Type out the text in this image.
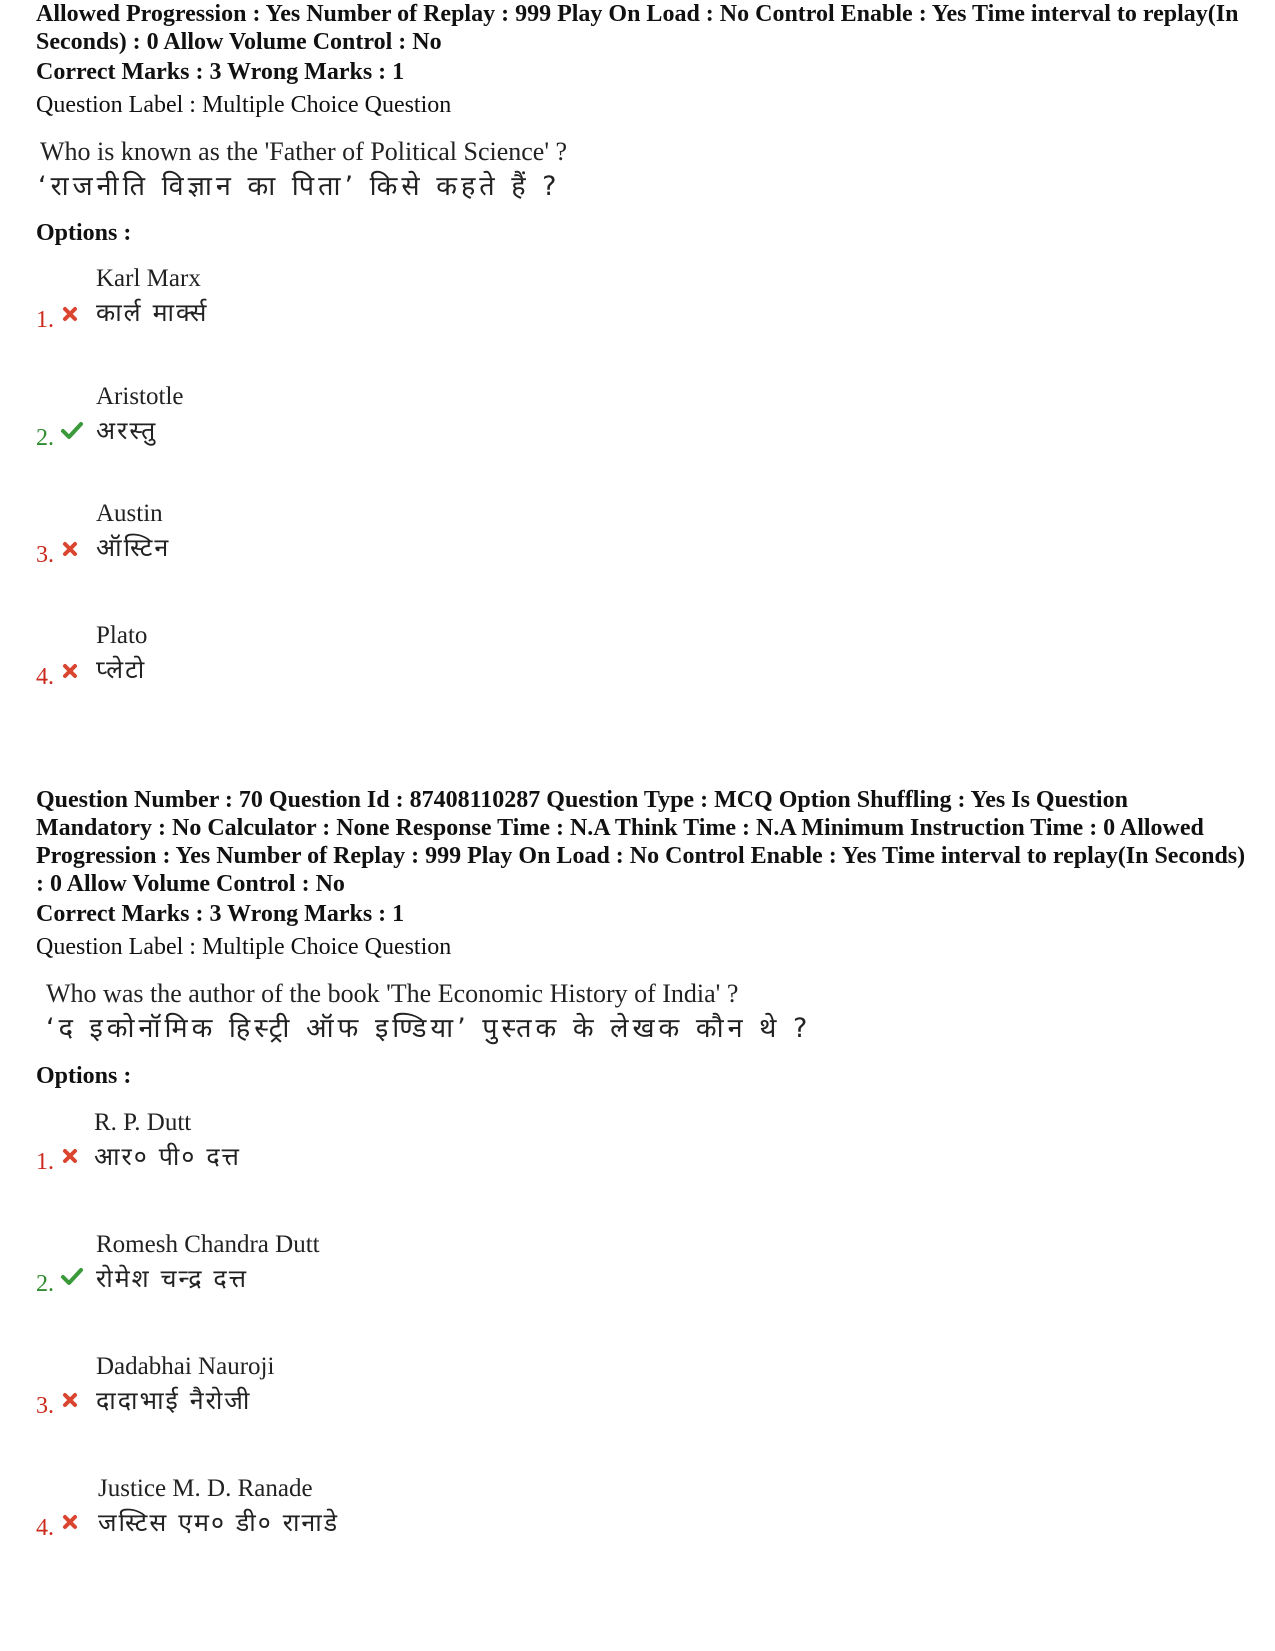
Allowed Progression : Yes Number of Replay : 999 Play On Load : No Control Enable : Yes Time interval to replay(In Seconds) : 0 Allow Volume Control : No
Correct Marks : 3 Wrong Marks : 1
Question Label : Multiple Choice Question
Who is known as the 'Father of Political Science' ?
‘राजनीति विज्ञान का पिता’ किसे कहते हैं ?
Options :
1.
Karl Marx
कार्ल मार्क्स
2.
Aristotle
अरस्तु
3.
Austin
ऑस्टिन
4.
Plato
प्लेटो
Question Number : 70 Question Id : 87408110287 Question Type : MCQ Option Shuffling : Yes Is Question Mandatory : No Calculator : None Response Time : N.A Think Time : N.A Minimum Instruction Time : 0 Allowed Progression : Yes Number of Replay : 999 Play On Load : No Control Enable : Yes Time interval to replay(In Seconds) : 0 Allow Volume Control : No
Correct Marks : 3 Wrong Marks : 1
Question Label : Multiple Choice Question
Who was the author of the book 'The Economic History of India' ?
‘द इकोनॉमिक हिस्ट्री ऑफ इण्डिया’ पुस्तक के लेखक कौन थे ?
Options :
1.
R. P. Dutt
आर० पी० दत्त
2.
Romesh Chandra Dutt
रोमेश चन्द्र दत्त
3.
Dadabhai Nauroji
दादाभाई नैरोजी
4.
Justice M. D. Ranade
जस्टिस एम० डी० रानाडे
